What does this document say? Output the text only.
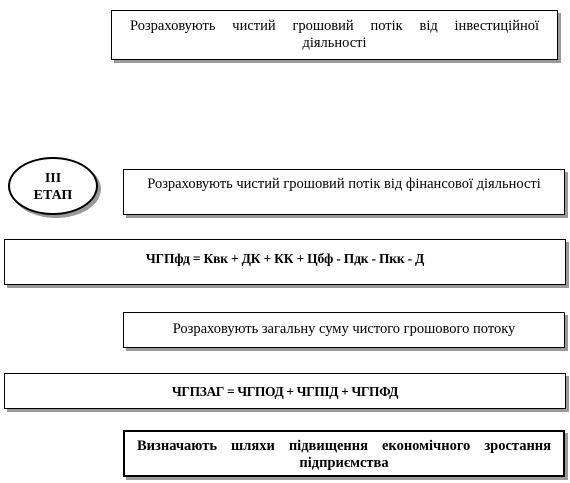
Розраховують чистий грошовий потік від інвестиційної діяльності
III
ЕТАП
Розраховують чистий грошовий потік від фінансової діяльності
ЧГПфд = Квк + ДК + КК + Цбф - Пдк - Пкк - Д
Розраховують загальну суму чистого грошового потоку
ЧГПЗАГ = ЧГПОД + ЧГПІД + ЧГПФД
Визначають шляхи підвищення економічного зростання підприємства
